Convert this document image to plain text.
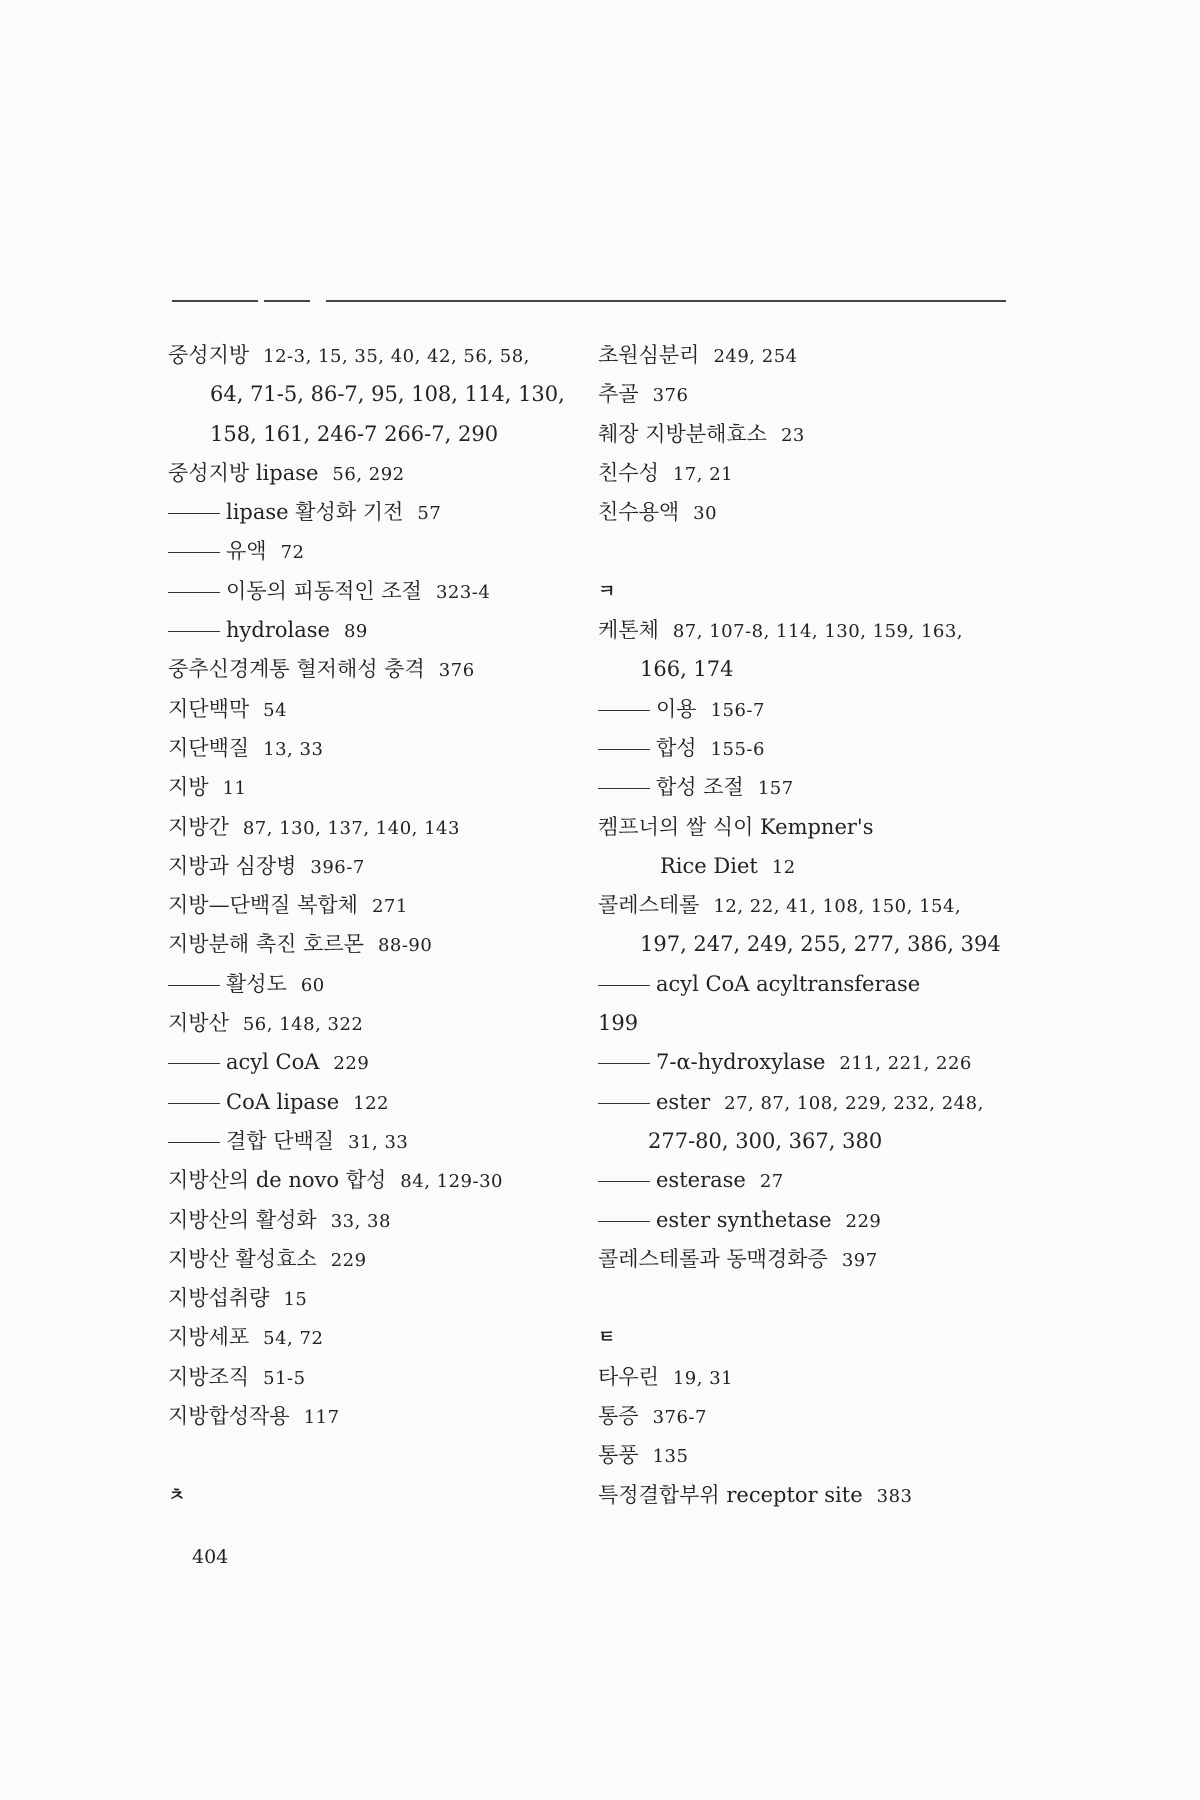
중성지방 12-3, 15, 35, 40, 42, 56, 58,
64, 71-5, 86-7, 95, 108, 114, 130,
158, 161, 246-7 266-7, 290
중성지방 lipase 56, 292
lipase 활성화 기전 57
유액 72
이동의 피동적인 조절 323-4
hydrolase 89
중추신경계통 혈저해성 충격 376
지단백막 54
지단백질 13, 33
지방 11
지방간 87, 130, 137, 140, 143
지방과 심장병 396-7
지방—단백질 복합체 271
지방분해 촉진 호르몬 88-90
활성도 60
지방산 56, 148, 322
acyl CoA 229
CoA lipase 122
결합 단백질 31, 33
지방산의 de novo 합성 84, 129-30
지방산의 활성화 33, 38
지방산 활성효소 229
지방섭취량 15
지방세포 54, 72
지방조직 51-5
지방합성작용 117
ㅊ
초원심분리 249, 254
추골 376
췌장 지방분해효소 23
친수성 17, 21
친수용액 30
ㅋ
케톤체 87, 107-8, 114, 130, 159, 163,
166, 174
이용 156-7
합성 155-6
합성 조절 157
켐프너의 쌀 식이 Kempner's
Rice Diet 12
콜레스테롤 12, 22, 41, 108, 150, 154,
197, 247, 249, 255, 277, 386, 394
acyl CoA acyltransferase
199
7-α-hydroxylase 211, 221, 226
ester 27, 87, 108, 229, 232, 248,
277-80, 300, 367, 380
esterase 27
ester synthetase 229
콜레스테롤과 동맥경화증 397
ㅌ
타우린 19, 31
통증 376-7
통풍 135
특정결합부위 receptor site 383
404
